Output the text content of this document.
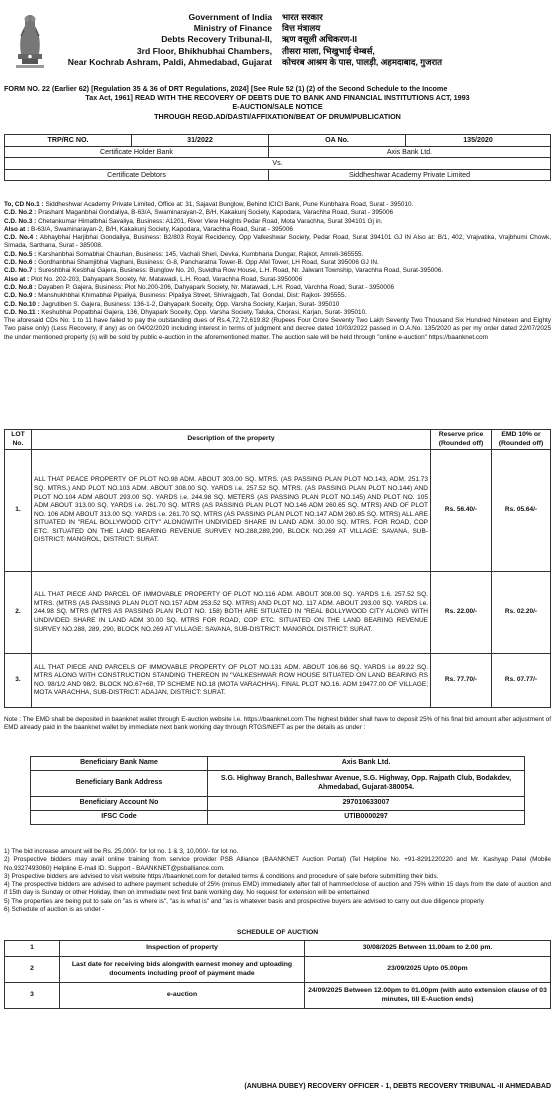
Government of India
Ministry of Finance
Debts Recovery Tribunal-II,
3rd Floor, Bhikhubhai Chambers,
Near Kochrab Ashram, Paldi, Ahmedabad, Gujarat
भारत सरकार
वित्त मंत्रालय
ऋण वसूली अधिकरण-II
तीसरा माला, भिखुभाई चेम्बर्स,
कोचरब आश्रम के पास, पालड़ी, अहमदाबाद, गुजरात
FORM NO. 22 (Earlier 62) [Regulation 35 & 36 of DRT Regulations, 2024] [See Rule 52 (1) (2) of the Second Schedule to the Income
Tax Act, 1961] READ WITH THE RECOVERY OF DEBTS DUE TO BANK AND FINANCIAL INSTITUTIONS ACT, 1993
E-AUCTION/SALE NOTICE
THROUGH REGD.AD/DASTI/AFFIXATION/BEAT OF DRUM/PUBLICATION
TRP/RC NO.	31/2022	OA No.	135/2020
Certificate Holder Bank		Axis Bank Ltd.	
Vs.			
Certificate Debtors		Siddheshwar Academy Private Limited	

To, CD No.1 : Siddheshwar Academy Private Limited, Office at: 31, Sajavat Bunglow, Behind ICICI Bank, Pune Kunbhaira Road, Surat - 395010.

C.D. No.2 : Prashant Maganbhai Gondaliya, B-63/A, Swaminarayan-2, B/H, Kakakunj Society, Kapodara, Varachha Road, Surat - 395006

C.D. No.3 : Chetankumar Himatbhai Savaliya, Business: A1201, River View Heights Pedar Road, Mota Varachha, Surat 394101 Gj in.

Also at : B-63/A, Swaminarayan-2, B/H, Kakakunj Society, Kapodara, Varachha Road, Surat - 395006

C.D. No.4 : Abhaybhai Harjibhai Gondaliya, Business: B2/803 Royal Recidency, Opp Valkeshwar Society, Pedar Road, Surat 394101 GJ IN Also at: B/1, 402, Vrajvatika, Vrajbhumi Chowk, Simada, Sarthana, Surat - 385008.

C.D. No.5 : Karshanbhai Somabhai Chauhan, Business: 145, Vachali Sheri, Devka, Kumbharia Dungar, Rajkot, Amreli-365555.

C.D. No.6 : Gordhanbhai Shamjibhai Vaghani, Business: G-8, Pancharatna Tower-B. Opp Afel Tower, LH Road, Surat 395006 GJ IN.

C.D. No.7 : Sureshbhai Kesbhai Gajera, Business: Bunglow No. 20, Suvidha Row House, L.H. Road, Nr. Jalwant Township, Varachha Road, Surat-395006.

Also at : Plot No. 202-203, Dahyapark Society, Nr. Matawadi, L.H. Road, Varachha Road, Surat-3950006

C.D. No.8 : Dayaben P. Gajera, Business: Plot No.200-206, Dahyapark Society, Nr. Matawadi, L.H. Road, Varchha Road, Surat - 3950006

C.D. No.9 : Manshukhbhai Khimabhai Pipaliya, Business: Pipaliya Street, Shivrajgadh, Tal: Gondal, Dist: Rajkot- 395555.

C.D. No.10 : Jagrutiben S. Gajera, Business: 136-1-2, Dahyapark Soceity, Opp. Varsha Society, Karjan, Surat- 395010

C.D. No.11 : Keshubhai Popatbhai Gajera, 136, Dhyapark Soceity, Opp. Varsha Society, Taluka, Chorasi, Karjan, Surat- 395010.

The aforesaid CDs No. 1 to 11 have failed to pay the outstanding dues of Rs.4,72,72,619.82 (Rupees Four Crore Seventy Two Lakh Seventy Two Thousand Six Hundred Nineteen and Eighty Two paise only) (Less Recovery, if any) as on 04/02/2020 including interest in terms of judgment and decree dated 10/03/2022 passed in O.A.No. 135/2020 as per my order dated 22/07/2025 the under mentioned property (s) will be sold by public e-auction in the aforementioned matter. The auction sale will be held through "online e-auction" https://baanknet.com

LOT No.	Description of the property	Reserve price (Rounded off)	EMD 10% or (Rounded off)
1.	ALL THAT PEACE PROPERTY OF PLOT NO.98 ADM. ABOUT 303.00 SQ. MTRS. (AS PASSING PLAN PLOT NO.143, ADM. 251.73 SQ. MTRS.) AND PLOT NO.103 ADM. ABOUT 308.00 SQ. YARDS i.e. 257.52 SQ. MTRS. (AS PASSING PLAN PLOT NO.144) AND PLOT NO.104 ADM ABOUT 293.00 SQ. YARDS i.e. 244.98 SQ. METERS (AS PASSING PLAN PLOT NO.145) AND PLOT NO. 105 ADM ABOUT 313.00 SQ. YARDS i.e. 261.70 SQ. MTRS (AS PASSING PLAN PLOT NO.146 ADM 260.65 SQ. MTRS) AND OF PLOT NO. 106 ADM ABOUT 313.00 SQ. YARDS i.e. 261.70 SQ. MTRS (AS PASSING PLAN PLOT NO.147 ADM 260.85 SQ. MTRS) ALL ARE SITUATED IN "REAL BOLLYWOOD CITY" ALONGWITH UNDIVIDED SHARE IN LAND ADM. 30.00 SQ. MTRS. FOR ROAD, COP ETC. SITUATED ON THE LAND BEARING REVENUE SURVEY NO.288,289,290, BLOCK NO.269 AT VILLAGE: SAVANA, SUB-DISTRICT: MANGROL, DISTRICT: SURAT.	Rs. 56.40/-	Rs. 05.64/-
2.	ALL THAT PIECE AND PARCEL OF IMMOVABLE PROPERTY OF PLOT NO.116 ADM. ABOUT 308.00 SQ. YARDS 1.6. 257.52 SQ. MTRS. (MTRS (AS PASSING PLAN PLOT NO.157 ADM 253.52 SQ. MTRS) AND PLOT NO. 117 ADM. ABOUT 293.00 SQ. YARDS i.e. 244.98 SQ. MTRS (MTRS AS PASSING PLAN PLOT NO. 158) BOTH ARE SITUATED IN "REAL BOLLYWOOD CITY ALONG WITH UNDIVIDED SHARE IN LAND ADM 30.00 SQ. MTRS FOR ROAD, COP ETC. SITUATED ON THE LAND BEARING REVENUE SURVEY NO.288, 289, 290, BLOCK NO.269 AT VILLAGE: SAVANA, SUB-DISTRICT: MANGROL DISTRICT: SURAT.	Rs. 22.00/-	Rs. 02.20/-
3.	ALL THAT PIECE AND PARCELS OF IMMOVABLE PROPERTY OF PLOT NO.131 ADM. ABOUT 106.66 SQ. YARDS i.e 89.22 SQ. MTRS ALONG WITH CONSTRUCTION STANDING THEREON IN "VALKESHWAR ROW HOUSE SITUATED ON LAND BEARING RS NO. 98/1/2 AND 98/2. BLOCK NO.67+68, TP SCHEME NO.18 (MOTA VARACHHA). FINAL PLOT NO.16. ADM 19477.00 OF VILLAGE; MOTA VARACHHA, SUB-DISTRICT: ADAJAN, DISTRICT: SURAT.	Rs. 77.70/-	Rs. 07.77/-
Note : The EMD shall be deposited in baanknet wallet through E-auction website i.e. https://baanknet.com The highest bidder shall have to deposit 25% of his final bid amount after adjustment of EMD already paid in the baanknet wallet by immediate next bank working day through RTGS/NEFT as per the details as under :
Beneficiary Bank Name	Axis Bank Ltd.
Beneficiary Bank Address	S.G. Highway Branch, Balleshwar Avenue, S.G. Highway, Opp. Rajpath Club, Bodakdev, Ahmedabad, Gujarat-380054.
Beneficiary Account No	297010633007
IFSC Code	UTIB0000297

1) The bid increase amount will be Rs. 25,000/- for lot no. 1 & 3, 10,000/- for lot no.

2) Prospective bidders may avail online training from service provider PSB Alliance (BAANKNET Auction Portal) (Tel Helpline No. +91-8291220220 and Mr. Kashyap Patel (Mobile No.9327493060) Helpline E-mail ID. Support - BAANKNET@psballiance.com.

3) Prospective bidders are advised to visit website https://baanknet.com for detailed terms & conditions and procedure of sale before submitting their bids.

4) The prospective bidders are advised to adhere payment schedule of 25% (minus EMD) immediately after fall of hammer/close of auction and 75% within 15 days from the date of auction and if 15th day is Sunday or other Holiday, then on immediate next first bank working day. No request for extension will be entertained

5) The properties are being put to sale on "as is where is", "as is what is" and "as is whatever basis and prospective buyers are advised to carry out due diligence properly

6) Schedule of auction is as under -

SCHEDULE OF AUCTION
1	Inspection of property	30/08/2025 Between 11.00am to 2.00 pm.
2	Last date for receiving bids alongwith earnest money and uploading documents including proof of payment made	23/09/2025 Upto 05.00pm
3	e-auction	24/09/2025 Between 12.00pm to 01.00pm (with auto extension clause of 03 minutes, till E-Auction ends)
(ANUBHA DUBEY) RECOVERY OFFICER - 1, DEBTS RECOVERY TRIBUNAL -II AHMEDABAD
